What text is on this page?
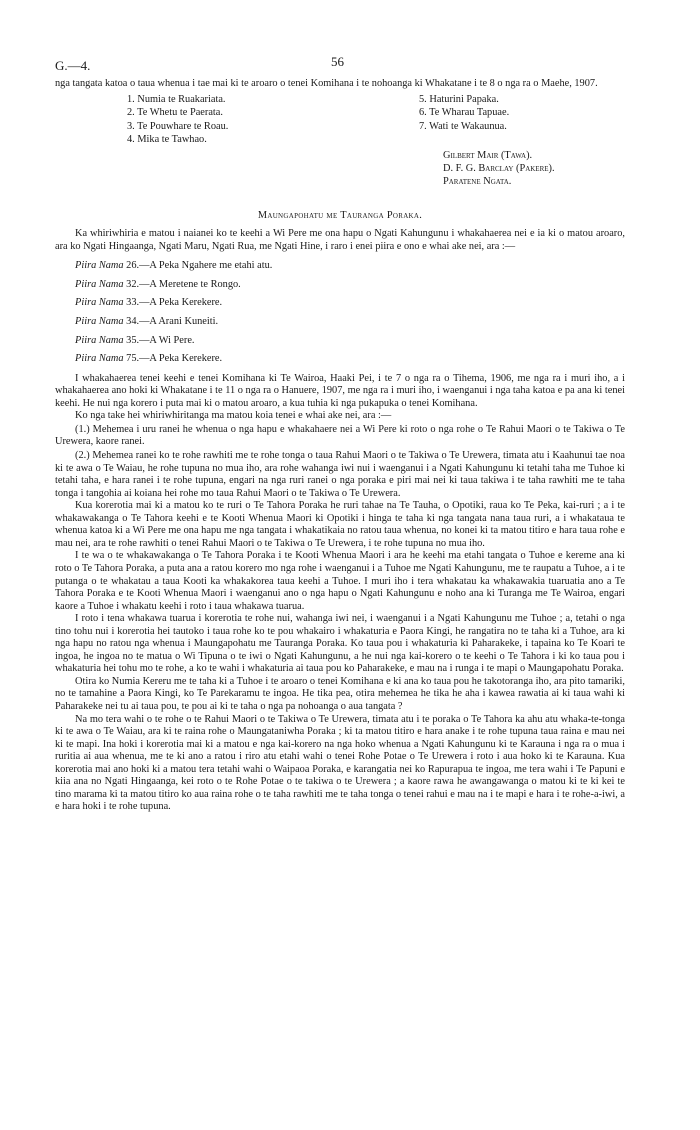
G.—4.	56

nga tangata katoa o taua whenua i tae mai ki te aroaro o tenei Komihana i te nohoanga ki Whakatane i te 8 o nga ra o Maehe, 1907.

1. Numia te Ruakariata.
2. Te Whetu te Paerata.
3. Te Pouwhare te Roau.
4. Mika te Tawhao.
5. Haturini Papaka.
6. Te Wharau Tapuae.
7. Wati te Wakaunua.
Gilbert Mair (Tawa).
D. F. G. Barclay (Pakere).
Paratene Ngata.
Maungapohatu me Tauranga Poraka.

Ka whiriwhiria e matou i naianei ko te keehi a Wi Pere me ona hapu o Ngati Kahungunu i whakahaerea nei e ia ki o matou aroaro, ara ko Ngati Hingaanga, Ngati Maru, Ngati Rua, me Ngati Hine, i raro i enei piira e ono e whai ake nei, ara :—

Piira Nama 26.—A Peka Ngahere me etahi atu.
Piira Nama 32.—A Meretene te Rongo.
Piira Nama 33.—A Peka Kerekere.
Piira Nama 34.—A Arani Kuneiti.
Piira Nama 35.—A Wi Pere.
Piira Nama 75.—A Peka Kerekere.

I whakahaerea tenei keehi e tenei Komihana ki Te Wairoa, Haaki Pei, i te 7 o nga ra o Tihema, 1906, me nga ra i muri iho, a i whakahaerea ano hoki ki Whakatane i te 11 o nga ra o Hanuere, 1907, me nga ra i muri iho, i waenganui i nga taha katoa e pa ana ki tenei keehi. He nui nga korero i puta mai ki o matou aroaro, a kua tuhia ki nga pukapuka o tenei Komihana.

Ko nga take hei whiriwhiritanga ma matou koia tenei e whai ake nei, ara :—

(1.) Mehemea i uru ranei he whenua o nga hapu e whakahaere nei a Wi Pere ki roto o nga rohe o Te Rahui Maori o te Takiwa o Te Urewera, kaore ranei.

(2.) Mehemea ranei ko te rohe rawhiti me te rohe tonga o taua Rahui Maori o te Takiwa o Te Urewera, timata atu i Kaahunui tae noa ki te awa o Te Waiau, he rohe tupuna no mua iho, ara rohe wahanga iwi nui i waenganui i a Ngati Kahungunu ki tetahi taha me Tuhoe ki tetahi taha, e hara ranei i te rohe tupuna, engari na nga ruri ranei o nga poraka e piri mai nei ki taua takiwa i te taha rawhiti me te taha tonga i tangohia ai koiana hei rohe mo taua Rahui Maori o te Takiwa o Te Urewera.

Kua korerotia mai ki a matou ko te ruri o Te Tahora Poraka he ruri tahae na Te Tauha, o Opotiki, raua ko Te Peka, kai-ruri ; a i te whakawakanga o Te Tahora keehi e te Kooti Whenua Maori ki Opotiki i hinga te taha ki nga tangata nana taua ruri, a i whakataua te whenua katoa ki a Wi Pere me ona hapu me nga tangata i whakatikaia no ratou taua whenua, no konei ki ta matou titiro e hara taua rohe e mau nei, ara te rohe rawhiti o tenei Rahui Maori o te Takiwa o Te Urewera, i te rohe tupuna no mua iho.

I te wa o te whakawakanga o Te Tahora Poraka i te Kooti Whenua Maori i ara he keehi ma etahi tangata o Tuhoe e kereme ana ki roto o Te Tahora Poraka, a puta ana a ratou korero mo nga rohe i waenganui i a Tuhoe me Ngati Kahungunu, me te raupatu a Tuhoe, a i te putanga o te whakatau a taua Kooti ka whakakorea taua keehi a Tuhoe. I muri iho i tera whakatau ka whakawakia tuaruatia ano a Te Tahora Poraka e te Kooti Whenua Maori i waenganui ano o nga hapu o Ngati Kahungunu e noho ana ki Turanga me Te Wairoa, engari kaore a Tuhoe i whakatu keehi i roto i taua whakawa tuarua.

I roto i tena whakawa tuarua i korerotia te rohe nui, wahanga iwi nei, i waenganui i a Ngati Kahungunu me Tuhoe ; a, tetahi o nga tino tohu nui i korerotia hei tautoko i taua rohe ko te pou whakairo i whakaturia e Paora Kingi, he rangatira no te taha ki a Tuhoe, ara ki nga hapu no ratou nga whenua i Maungapohatu me Tauranga Poraka. Ko taua pou i whakaturia ki Paharakeke, i tapaina ko Te Koari te ingoa, he ingoa no te matua o Wi Tipuna o te iwi o Ngati Kahungunu, a he nui nga kai-korero o te keehi o Te Tahora i ki ko taua pou i whakaturia hei tohu mo te rohe, a ko te wahi i whakaturia ai taua pou ko Paharakeke, e mau na i runga i te mapi o Maungapohatu Poraka.

Otira ko Numia Kereru me te taha ki a Tuhoe i te aroaro o tenei Komihana e ki ana ko taua pou he takotoranga iho, ara pito tamariki, no te tamahine a Paora Kingi, ko Te Parekaramu te ingoa. He tika pea, otira mehemea he tika he aha i kawea rawatia ai ki taua wahi ki Paharakeke nei tu ai taua pou, te pou ai ki te taha o nga pa nohoanga o aua tangata ?

Na mo tera wahi o te rohe o te Rahui Maori o te Takiwa o Te Urewera, timata atu i te poraka o Te Tahora ka ahu atu whaka-te-tonga ki te awa o Te Waiau, ara ki te raina rohe o Maungataniwha Poraka ; ki ta matou titiro e hara anake i te rohe tupuna taua raina e mau nei ki te mapi. Ina hoki i korerotia mai ki a matou e nga kai-korero na nga hoko whenua a Ngati Kahungunu ki te Karauna i nga ra o mua i ruritia ai aua whenua, me te ki ano a ratou i riro atu etahi wahi o tenei Rohe Potae o Te Urewera i roto i aua hoko ki te Karauna. Kua korerotia mai ano hoki ki a matou tera tetahi wahi o Waipaoa Poraka, e karangatia nei ko Rapurapua te ingoa, me tera wahi i Te Papuni e kiia ana no Ngati Hingaanga, kei roto o te Rohe Potae o te takiwa o te Urewera ; a kaore rawa he awangawanga o matou ki te ki kei te tino marama ki ta matou titiro ko aua raina rohe o te taha rawhiti me te taha tonga o tenei rahui e mau na i te mapi e hara i te rohe-a-iwi, a e hara hoki i te rohe tupuna.
